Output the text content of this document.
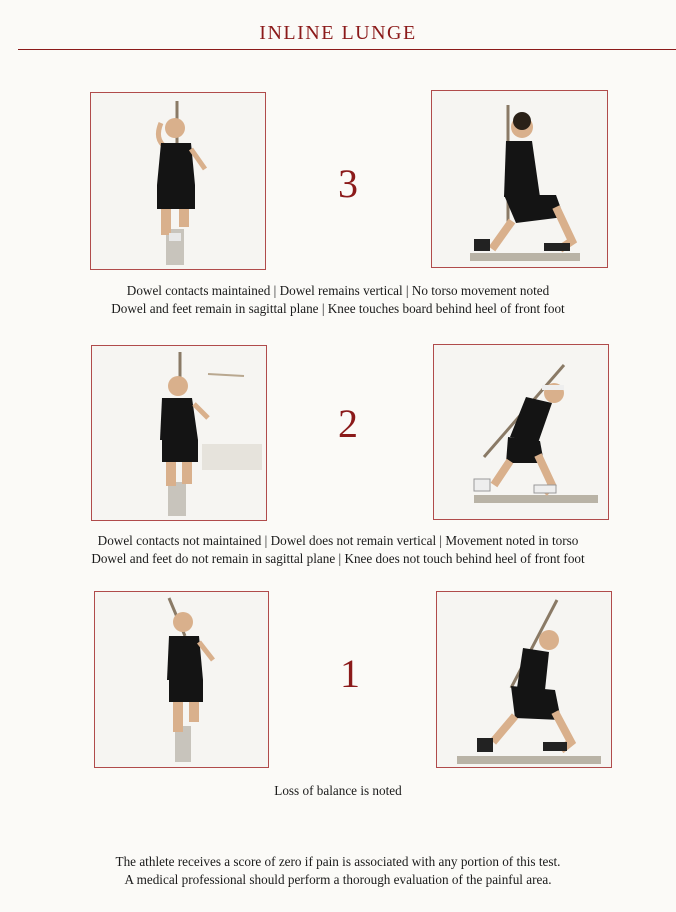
INLINE LUNGE
3
Dowel contacts maintained | Dowel remains vertical | No torso movement noted
Dowel and feet remain in sagittal plane | Knee touches board behind heel of front foot
2
Dowel contacts not maintained | Dowel does not remain vertical | Movement noted in torso
Dowel and feet do not remain in sagittal plane | Knee does not touch behind heel of front foot
1
Loss of balance is noted
The athlete receives a score of zero if pain is associated with any portion of this test.
A medical professional should perform a thorough evaluation of the painful area.
